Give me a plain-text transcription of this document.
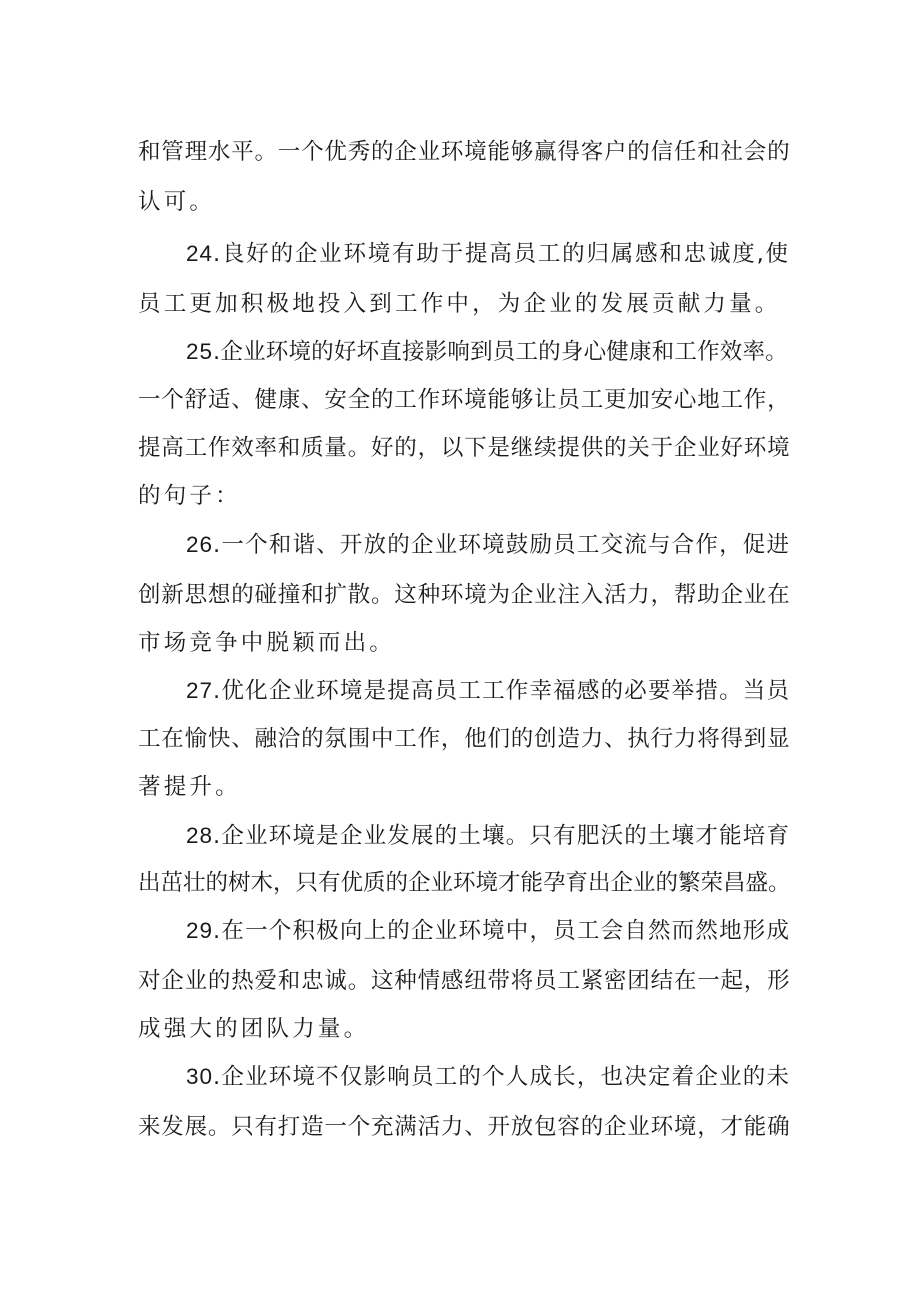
和管理水平。一个优秀的企业环境能够赢得客户的信任和社会的
认可。
24.良好的企业环境有助于提高员工的归属感和忠诚度,使
员工更加积极地投入到工作中，为企业的发展贡献力量。
25.企业环境的好坏直接影响到员工的身心健康和工作效率。
一个舒适、健康、安全的工作环境能够让员工更加安心地工作，
提高工作效率和质量。好的，以下是继续提供的关于企业好环境
的句子：
26.一个和谐、开放的企业环境鼓励员工交流与合作，促进
创新思想的碰撞和扩散。这种环境为企业注入活力，帮助企业在
市场竞争中脱颖而出。
27.优化企业环境是提高员工工作幸福感的必要举措。当员
工在愉快、融洽的氛围中工作，他们的创造力、执行力将得到显
著提升。
28.企业环境是企业发展的土壤。只有肥沃的土壤才能培育
出茁壮的树木，只有优质的企业环境才能孕育出企业的繁荣昌盛。
29.在一个积极向上的企业环境中，员工会自然而然地形成
对企业的热爱和忠诚。这种情感纽带将员工紧密团结在一起，形
成强大的团队力量。
30.企业环境不仅影响员工的个人成长，也决定着企业的未
来发展。只有打造一个充满活力、开放包容的企业环境，才能确
